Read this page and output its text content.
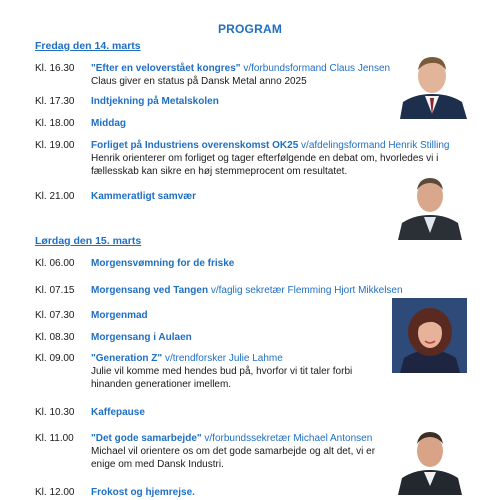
PROGRAM
Fredag den 14. marts
Kl. 16.30 "Efter en veloverstået kongres" v/forbundsformand Claus Jensen
Claus giver en status på Dansk Metal anno 2025
Kl. 17.30 Indtjekning på Metalskolen
Kl. 18.00 Middag
Kl. 19.00 Forliget på Industriens overenskomst OK25 v/afdelingsformand Henrik Stilling
Henrik orienterer om forliget og tager efterfølgende en debat om, hvorledes vi i
fællesskab kan sikre en høj stemmeprocent om resultatet.
Kl. 21.00 Kammeratligt samvær
Lørdag den 15. marts
Kl. 06.00 Morgensvømning for de friske
Kl. 07.15 Morgensang ved Tangen v/faglig sekretær Flemming Hjort Mikkelsen
Kl. 07.30 Morgenmad
Kl. 08.30 Morgensang i Aulaen
Kl. 09.00 "Generation Z" v/trendforsker Julie Lahme
Julie vil komme med hendes bud på, hvorfor vi tit taler forbi
hinanden generationer imellem.
Kl. 10.30 Kaffepause
Kl. 11.00 "Det gode samarbejde" v/forbundssekretær Michael Antonsen
Michael vil orientere os om det gode samarbejde og alt det, vi er
enige om med Dansk Industri.
Kl. 12.00 Frokost og hjemrejse.
